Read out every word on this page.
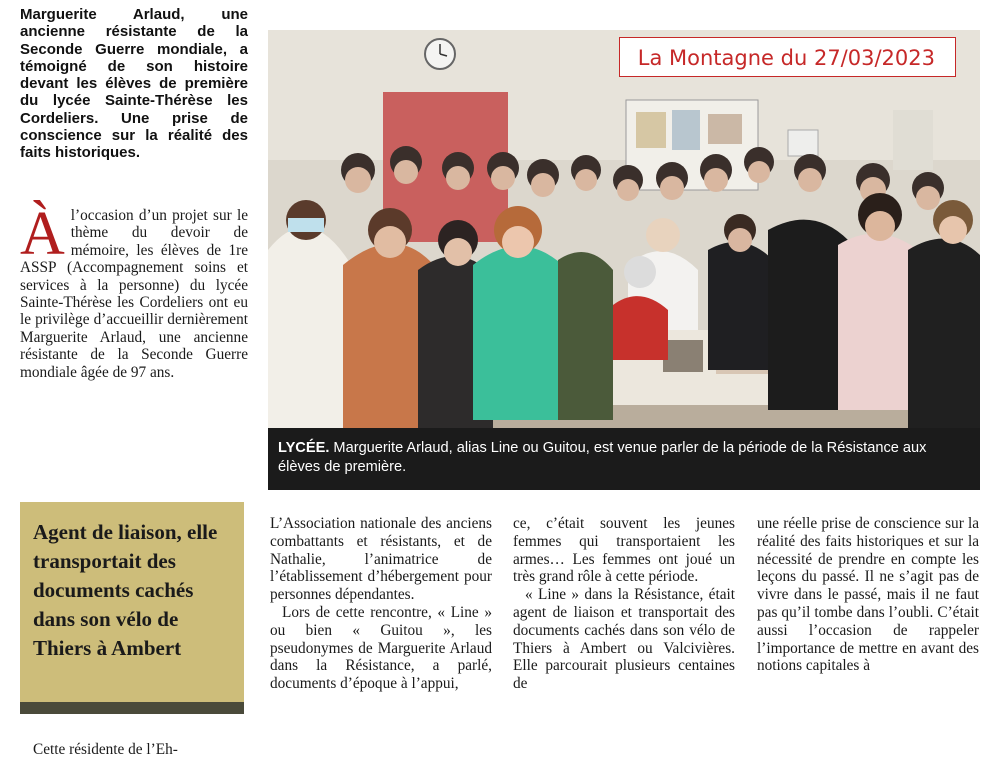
Marguerite Arlaud, une ancienne résistante de la Seconde Guerre mondiale, a témoigné de son histoire devant les élèves de première du lycée Sainte-Thérèse les Cordeliers. Une prise de conscience sur la réalité des faits historiques.
Àl’occasion d’un projet sur le thème du devoir de mémoire, les élèves de 1re ASSP (Accompagnement soins et services à la personne) du lycée Sainte-Thérèse les Cordeliers ont eu le privilège d’accueillir dernièrement Marguerite Arlaud, une ancienne résistante de la Seconde Guerre mondiale âgée de 97 ans.
La Montagne du 27/03/2023
LYCÉE. Marguerite Arlaud, alias Line ou Guitou, est venue parler de la période de la Résistance aux élèves de première.
Agent de liaison, elle transportait des documents cachés dans son vélo de Thiers à Ambert
Cette résidente de l’Eh-

L’Association nationale des anciens combattants et résistants, et de Nathalie, l’animatrice de l’établissement d’hébergement pour personnes dépendantes.

Lors de cette rencontre, « Line » ou bien « Guitou », les pseudonymes de Marguerite Arlaud dans la Résistance, a parlé, documents d’époque à l’appui,

ce, c’était souvent les jeunes femmes qui transportaient les armes… Les femmes ont joué un très grand rôle à cette période.

« Line » dans la Résistance, était agent de liaison et transportait des documents cachés dans son vélo de Thiers à Ambert ou Valcivières. Elle parcourait plusieurs centaines de

une réelle prise de conscience sur la réalité des faits historiques et sur la nécessité de prendre en compte les leçons du passé. Il ne s’agit pas de vivre dans le passé, mais il ne faut pas qu’il tombe dans l’oubli. C’était aussi l’occasion de rappeler l’importance de mettre en avant des notions capitales à
